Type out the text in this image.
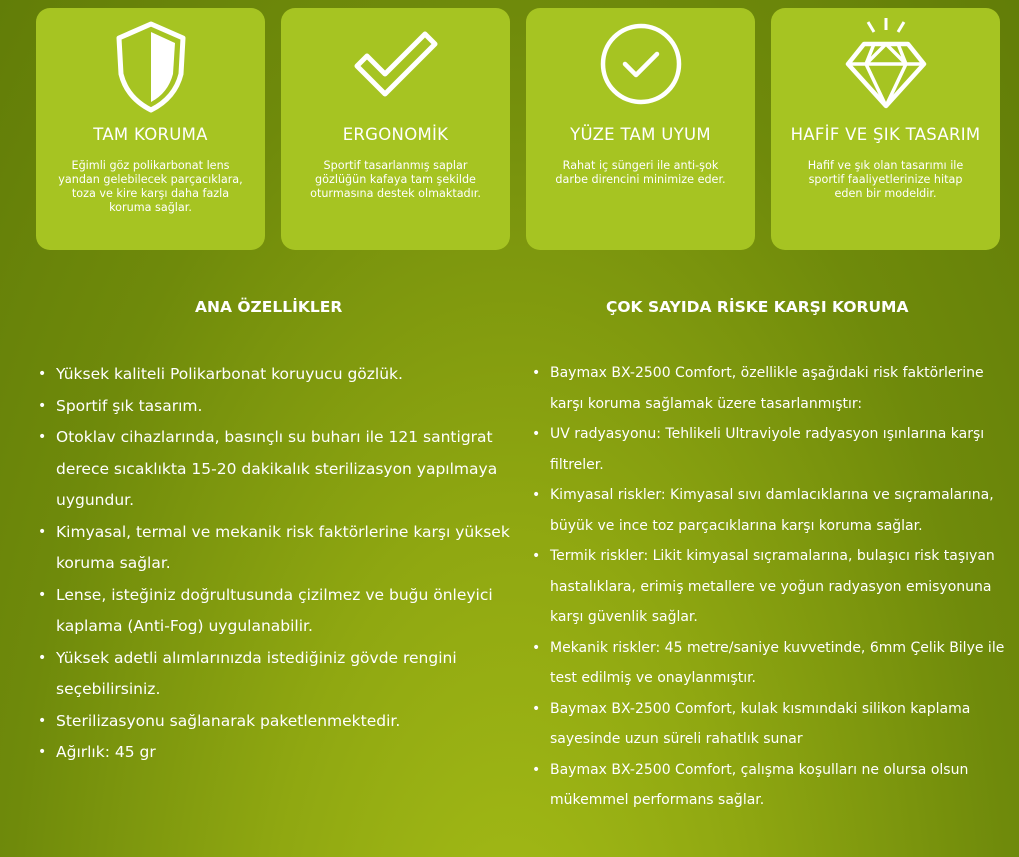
TAM KORUMA
Eğimli göz polikarbonat lens yandan gelebilecek parçacıklara, toza ve kire karşı daha fazla koruma sağlar.
ERGONOMİK
Sportif tasarlanmış saplar gözlüğün kafaya tam şekilde oturmasına destek olmaktadır.
YÜZE TAM UYUM
Rahat iç süngeri ile anti-şok darbe direncini minimize eder.
HAFİF VE ŞIK TASARIM
Hafif ve şık olan tasarımı ile sportif faaliyetlerinize hitap eden bir modeldir.
ANA ÖZELLİKLER	ÇOK SAYIDA RİSKE KARŞI KORUMA
• Yüksek kaliteli Polikarbonat koruyucu gözlük.
• Sportif şık tasarım.
• Otoklav cihazlarında, basınçlı su buharı ile 121 santigrat derece sıcaklıkta 15-20 dakikalık sterilizasyon yapılmaya uygundur.
• Kimyasal, termal ve mekanik risk faktörlerine karşı yüksek koruma sağlar.
• Lense, isteğiniz doğrultusunda çizilmez ve buğu önleyici kaplama (Anti-Fog) uygulanabilir.
• Yüksek adetli alımlarınızda istediğiniz gövde rengini seçebilirsiniz.
• Sterilizasyonu sağlanarak paketlenmektedir.
• Ağırlık: 45 gr
• Baymax BX-2500 Comfort, özellikle aşağıdaki risk faktörlerine karşı koruma sağlamak üzere tasarlanmıştır:
• UV radyasyonu: Tehlikeli Ultraviyole radyasyon ışınlarına karşı filtreler.
• Kimyasal riskler: Kimyasal sıvı damlacıklarına ve sıçramalarına, büyük ve ince toz parçacıklarına karşı koruma sağlar.
• Termik riskler: Likit kimyasal sıçramalarına, bulaşıcı risk taşıyan hastalıklara, erimiş metallere ve yoğun radyasyon emisyonuna karşı güvenlik sağlar.
• Mekanik riskler: 45 metre/saniye kuvvetinde, 6mm Çelik Bilye ile test edilmiş ve onaylanmıştır.
• Baymax BX-2500 Comfort, kulak kısmındaki silikon kaplama sayesinde uzun süreli rahatlık sunar
• Baymax BX-2500 Comfort, çalışma koşulları ne olursa olsun mükemmel performans sağlar.
